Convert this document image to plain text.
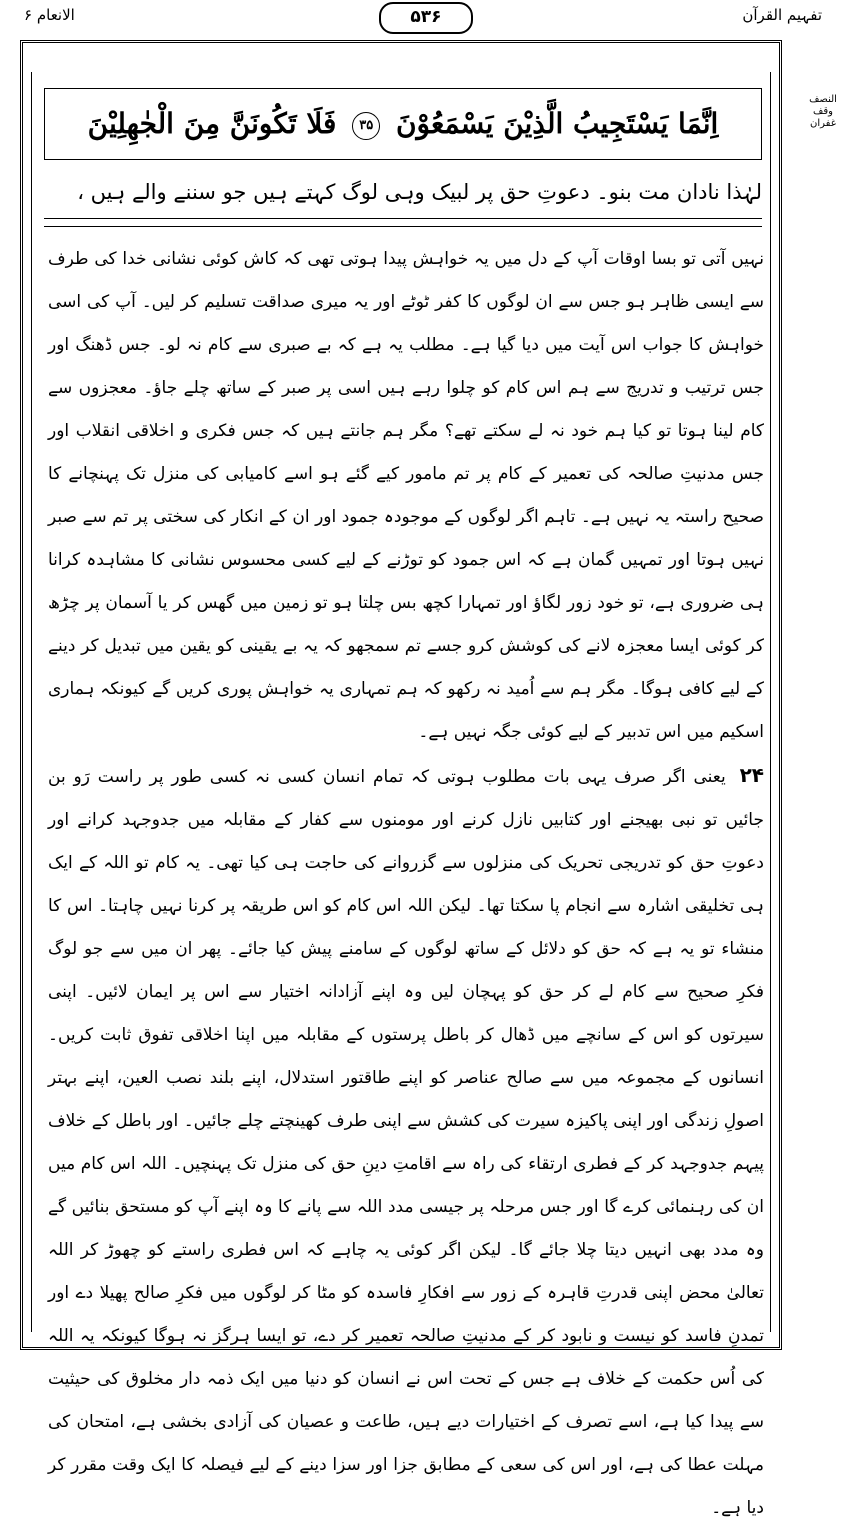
الانعام ۶	۵۳۶	تفہیم القرآن
النصف وقف غفران
اِنَّمَا يَسْتَجِيبُ الَّذِيْنَ يَسْمَعُوْنَ ۳۵ فَلَا تَكُونَنَّ مِنَ الْجٰهِلِيْنَ
لہٰذا نادان مت بنو۔ دعوتِ حق پر لبیک وہی لوگ کہتے ہیں جو سننے والے ہیں ،

نہیں آتی تو بسا اوقات آپ کے دل میں یہ خواہش پیدا ہوتی تھی کہ کاش کوئی نشانی خدا کی طرف سے ایسی ظاہر ہو جس سے ان لوگوں کا کفر ٹوٹے اور یہ میری صداقت تسلیم کر لیں۔ آپ کی اسی خواہش کا جواب اس آیت میں دیا گیا ہے۔ مطلب یہ ہے کہ بے صبری سے کام نہ لو۔ جس ڈھنگ اور جس ترتیب و تدریج سے ہم اس کام کو چلوا رہے ہیں اسی پر صبر کے ساتھ چلے جاؤ۔ معجزوں سے کام لینا ہوتا تو کیا ہم خود نہ لے سکتے تھے؟ مگر ہم جانتے ہیں کہ جس فکری و اخلاقی انقلاب اور جس مدنیتِ صالحہ کی تعمیر کے کام پر تم مامور کیے گئے ہو اسے کامیابی کی منزل تک پہنچانے کا صحیح راستہ یہ نہیں ہے۔ تاہم اگر لوگوں کے موجودہ جمود اور ان کے انکار کی سختی پر تم سے صبر نہیں ہوتا اور تمہیں گمان ہے کہ اس جمود کو توڑنے کے لیے کسی محسوس نشانی کا مشاہدہ کرانا ہی ضروری ہے، تو خود زور لگاؤ اور تمہارا کچھ بس چلتا ہو تو زمین میں گھس کر یا آسمان پر چڑھ کر کوئی ایسا معجزہ لانے کی کوشش کرو جسے تم سمجھو کہ یہ بے یقینی کو یقین میں تبدیل کر دینے کے لیے کافی ہوگا۔ مگر ہم سے اُمید نہ رکھو کہ ہم تمہاری یہ خواہش پوری کریں گے کیونکہ ہماری اسکیم میں اس تدبیر کے لیے کوئی جگہ نہیں ہے۔

۲۴ یعنی اگر صرف یہی بات مطلوب ہوتی کہ تمام انسان کسی نہ کسی طور پر راست رَو بن جائیں تو نبی بھیجنے اور کتابیں نازل کرنے اور مومنوں سے کفار کے مقابلہ میں جدوجہد کرانے اور دعوتِ حق کو تدریجی تحریک کی منزلوں سے گزروانے کی حاجت ہی کیا تھی۔ یہ کام تو اللہ کے ایک ہی تخلیقی اشارہ سے انجام پا سکتا تھا۔ لیکن اللہ اس کام کو اس طریقہ پر کرنا نہیں چاہتا۔ اس کا منشاء تو یہ ہے کہ حق کو دلائل کے ساتھ لوگوں کے سامنے پیش کیا جائے۔ پھر ان میں سے جو لوگ فکرِ صحیح سے کام لے کر حق کو پہچان لیں وہ اپنے آزادانہ اختیار سے اس پر ایمان لائیں۔ اپنی سیرتوں کو اس کے سانچے میں ڈھال کر باطل پرستوں کے مقابلہ میں اپنا اخلاقی تفوق ثابت کریں۔ انسانوں کے مجموعہ میں سے صالح عناصر کو اپنے طاقتور استدلال، اپنے بلند نصب العین، اپنے بہتر اصولِ زندگی اور اپنی پاکیزہ سیرت کی کشش سے اپنی طرف کھینچتے چلے جائیں۔ اور باطل کے خلاف پیہم جدوجہد کر کے فطری ارتقاء کی راہ سے اقامتِ دینِ حق کی منزل تک پہنچیں۔ اللہ اس کام میں ان کی رہنمائی کرے گا اور جس مرحلہ پر جیسی مدد اللہ سے پانے کا وہ اپنے آپ کو مستحق بنائیں گے وہ مدد بھی انہیں دیتا چلا جائے گا۔ لیکن اگر کوئی یہ چاہے کہ اس فطری راستے کو چھوڑ کر اللہ تعالیٰ محض اپنی قدرتِ قاہرہ کے زور سے افکارِ فاسدہ کو مٹا کر لوگوں میں فکرِ صالح پھیلا دے اور تمدنِ فاسد کو نیست و نابود کر کے مدنیتِ صالحہ تعمیر کر دے، تو ایسا ہرگز نہ ہوگا کیونکہ یہ اللہ کی اُس حکمت کے خلاف ہے جس کے تحت اس نے انسان کو دنیا میں ایک ذمہ دار مخلوق کی حیثیت سے پیدا کیا ہے، اسے تصرف کے اختیارات دیے ہیں، طاعت و عصیان کی آزادی بخشی ہے، امتحان کی مہلت عطا کی ہے، اور اس کی سعی کے مطابق جزا اور سزا دینے کے لیے فیصلہ کا ایک وقت مقرر کر دیا ہے۔
